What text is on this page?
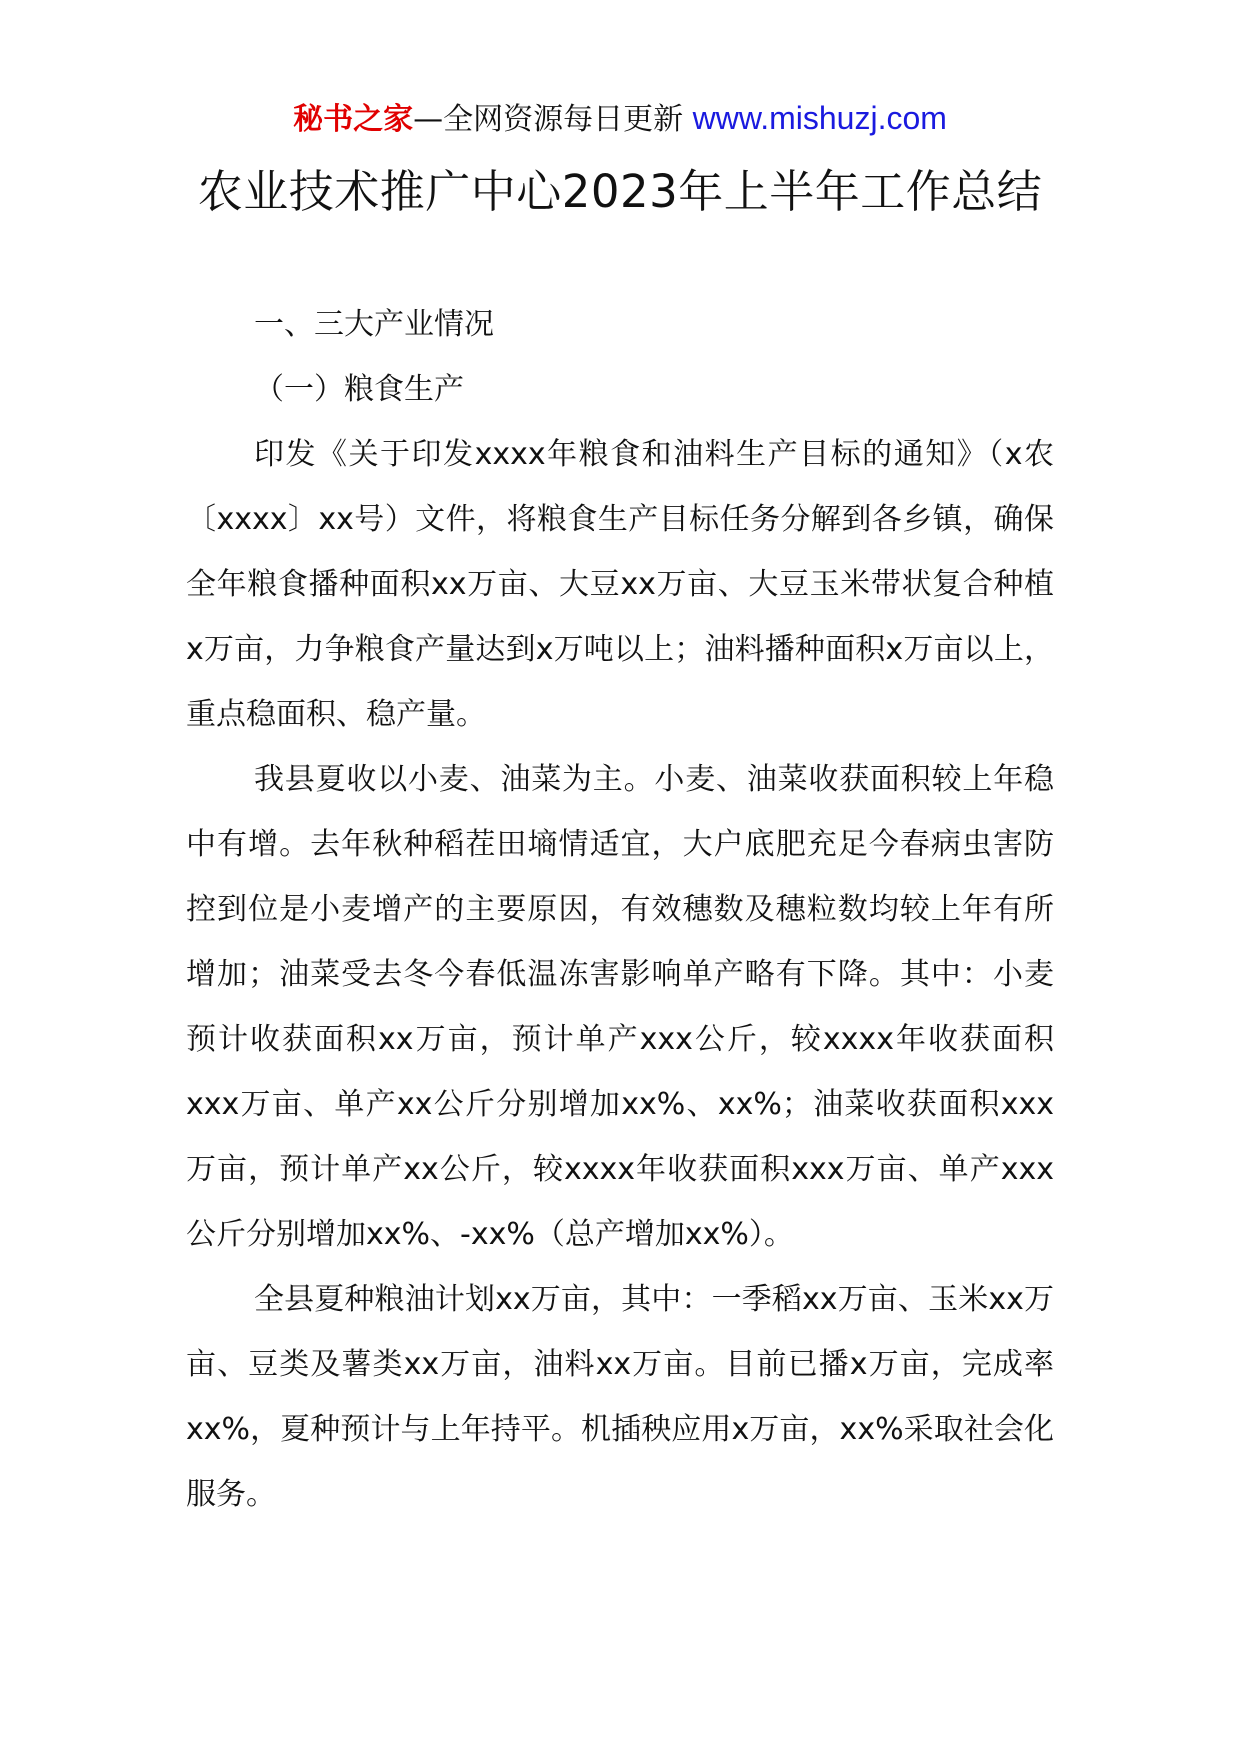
秘书之家—全网资源每日更新 www.mishuzj.com
农业技术推广中心2023年上半年工作总结
一、三大产业情况
（一）粮食生产

印发《关于印发xxxx年粮食和油料生产目标的通知》（x农〔xxxx〕xx号）文件，将粮食生产目标任务分解到各乡镇，确保全年粮食播种面积xx万亩、大豆xx万亩、大豆玉米带状复合种植x万亩，力争粮食产量达到x万吨以上；油料播种面积x万亩以上，重点稳面积、稳产量。

我县夏收以小麦、油菜为主。小麦、油菜收获面积较上年稳中有增。去年秋种稻茬田墒情适宜，大户底肥充足今春病虫害防控到位是小麦增产的主要原因，有效穗数及穗粒数均较上年有所增加；油菜受去冬今春低温冻害影响单产略有下降。其中：小麦预计收获面积xx万亩，预计单产xxx公斤，较xxxx年收获面积xxx万亩、单产xx公斤分别增加xx%、xx%；油菜收获面积xxx万亩，预计单产xx公斤，较xxxx年收获面积xxx万亩、单产xxx公斤分别增加xx%、-xx%（总产增加xx%）。

全县夏种粮油计划xx万亩，其中：一季稻xx万亩、玉米xx万亩、豆类及薯类xx万亩，油料xx万亩。目前已播x万亩，完成率xx%，夏种预计与上年持平。机插秧应用x万亩，xx%采取社会化服务。
